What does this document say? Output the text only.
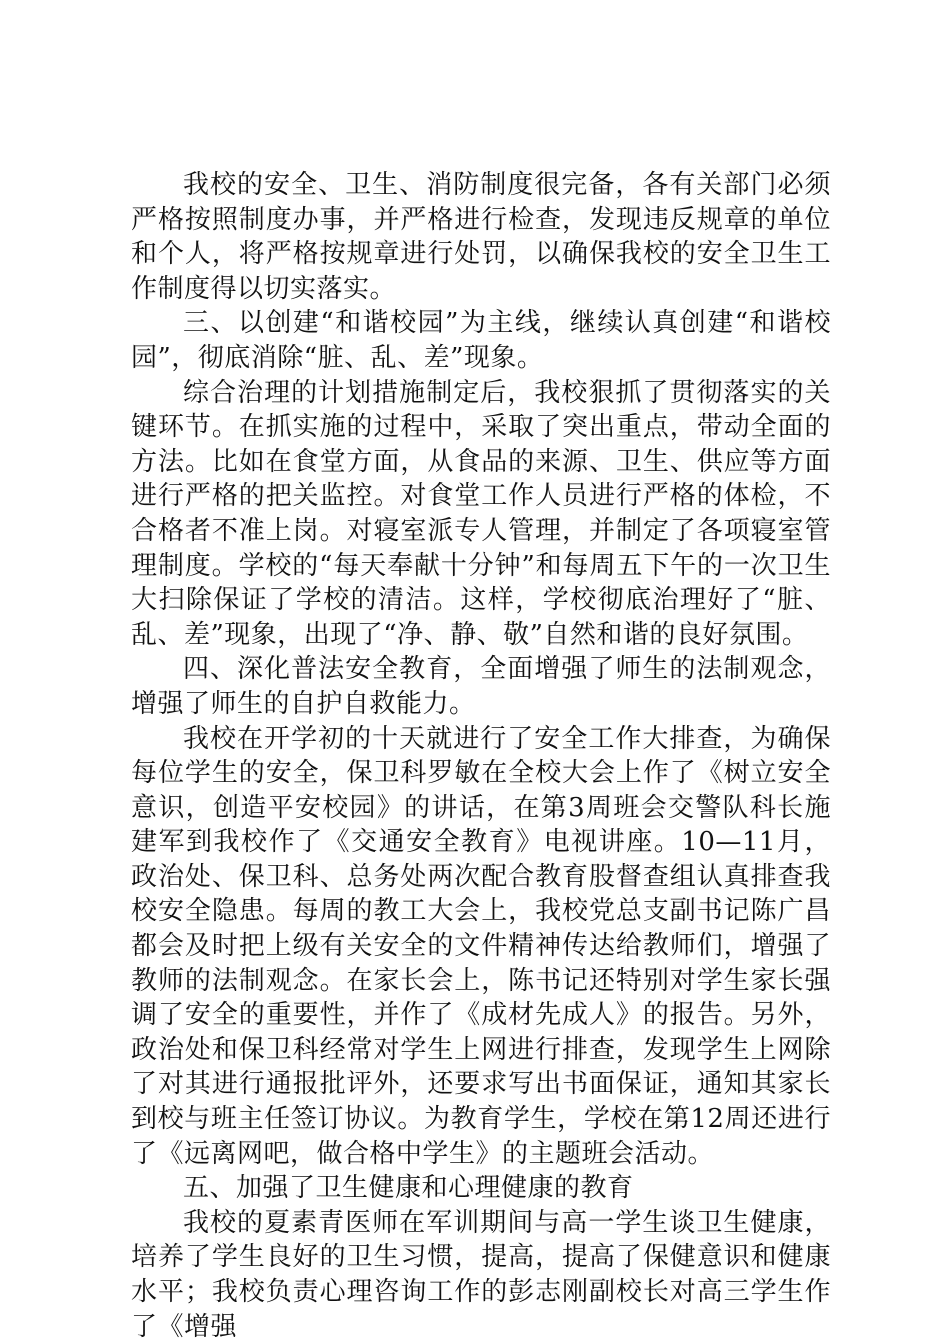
我校的安全、卫生、消防制度很完备，各有关部门必须严格按照制度办事，并严格进行检查，发现违反规章的单位和个人，将严格按规章进行处罚，以确保我校的安全卫生工作制度得以切实落实。

三、以创建“和谐校园”为主线，继续认真创建“和谐校园”，彻底消除“脏、乱、差”现象。

综合治理的计划措施制定后，我校狠抓了贯彻落实的关键环节。在抓实施的过程中，采取了突出重点，带动全面的方法。比如在食堂方面，从食品的来源、卫生、供应等方面进行严格的把关监控。对食堂工作人员进行严格的体检，不合格者不准上岗。对寝室派专人管理，并制定了各项寝室管理制度。学校的“每天奉献十分钟”和每周五下午的一次卫生大扫除保证了学校的清洁。这样，学校彻底治理好了“脏、乱、差”现象，出现了“净、静、敬”自然和谐的良好氛围。

四、深化普法安全教育，全面增强了师生的法制观念，增强了师生的自护自救能力。

我校在开学初的十天就进行了安全工作大排查，为确保每位学生的安全，保卫科罗敏在全校大会上作了《树立安全意识，创造平安校园》的讲话，在第3周班会交警队科长施建军到我校作了《交通安全教育》电视讲座。10—11月，政治处、保卫科、总务处两次配合教育股督查组认真排查我校安全隐患。每周的教工大会上，我校党总支副书记陈广昌都会及时把上级有关安全的文件精神传达给教师们，增强了教师的法制观念。在家长会上，陈书记还特别对学生家长强调了安全的重要性，并作了《成材先成人》的报告。另外，政治处和保卫科经常对学生上网进行排查，发现学生上网除了对其进行通报批评外，还要求写出书面保证，通知其家长到校与班主任签订协议。为教育学生，学校在第12周还进行了《远离网吧，做合格中学生》的主题班会活动。

五、加强了卫生健康和心理健康的教育

我校的夏素青医师在军训期间与高一学生谈卫生健康，培养了学生良好的卫生习惯，提高，提高了保健意识和健康水平；我校负责心理咨询工作的彭志刚副校长对高三学生作了《增强
